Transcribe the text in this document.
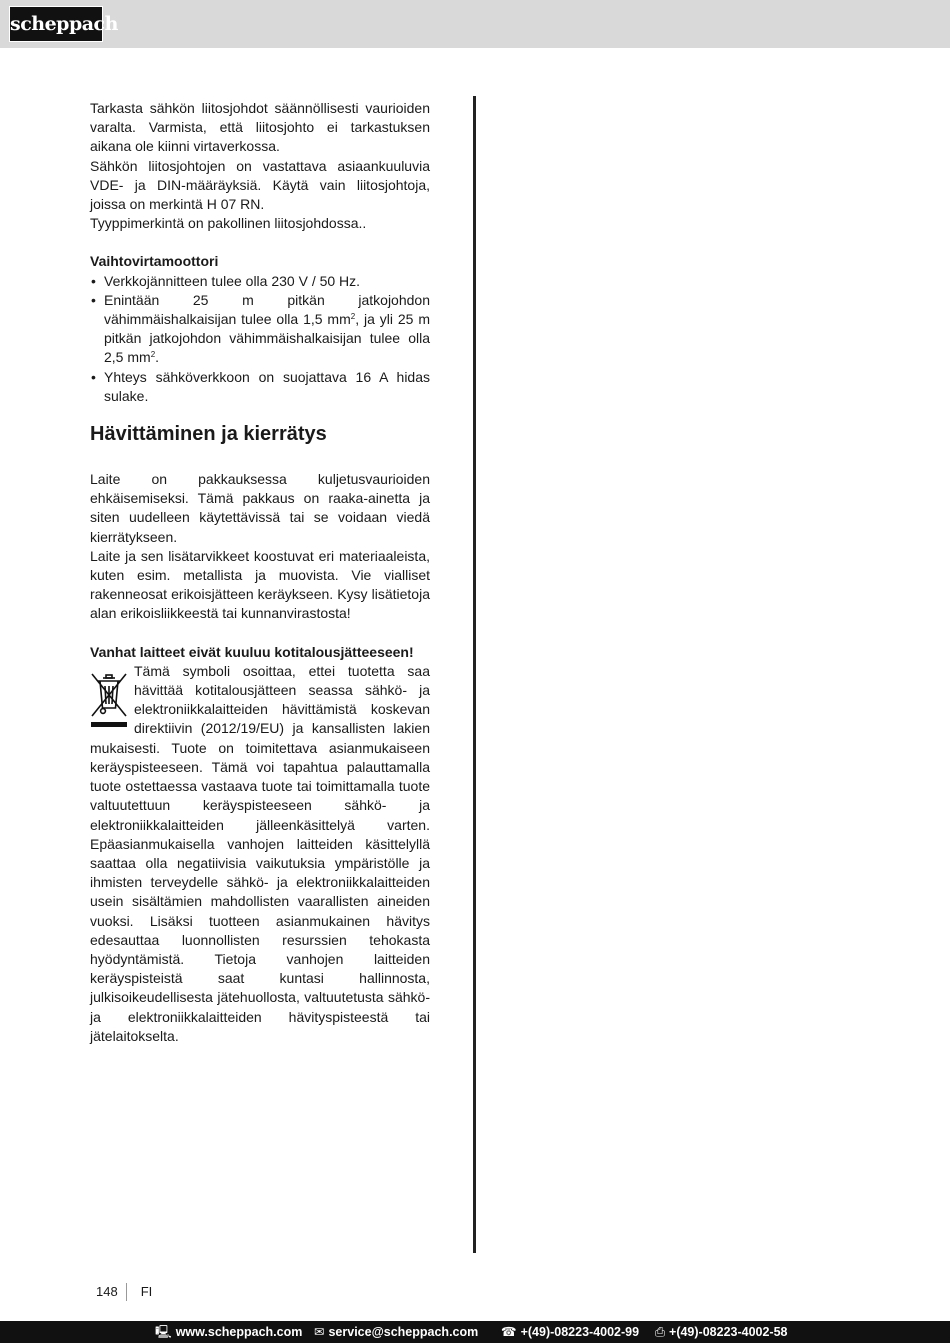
scheppach

Tarkasta sähkön liitosjohdot säännöllisesti vaurioiden varalta. Varmista, että liitosjohto ei tarkastuksen aikana ole kiinni virtaverkossa.

Sähkön liitosjohtojen on vastattava asiaankuuluvia VDE- ja DIN-määräyksiä. Käytä vain liitosjohtoja, joissa on merkintä H 07 RN.

Tyyppimerkintä on pakollinen liitosjohdossa..

Vaihtovirtamoottori

• Verkkojännitteen tulee olla 230 V / 50 Hz.
• Enintään 25 m pitkän jatkojohdon vähimmäishalkaisijan tulee olla 1,5 $mm^2$, ja yli 25 m pitkän jatkojohdon vähimmäishalkaisijan tulee olla 2,5 $mm^2$.
• Yhteys sähköverkkoon on suojattava 16 A hidas sulake.

Hävittäminen ja kierrätys

Laite on pakkauksessa kuljetusvaurioiden ehkäisemiseksi. Tämä pakkaus on raaka-ainetta ja siten uudelleen käytettävissä tai se voidaan viedä kierrätykseen.

Laite ja sen lisätarvikkeet koostuvat eri materiaaleista, kuten esim. metallista ja muovista. Vie vialliset rakenneosat erikoisjätteen keräykseen. Kysy lisätietoja alan erikoisliikkeestä tai kunnanvirastosta!

Vanhat laitteet eivät kuuluu kotitalousjätteeseen!

Tämä symboli osoittaa, ettei tuotetta saa hävittää kotitalousjätteen seassa sähkö- ja elektroniikkalaitteiden hävittämistä koskevan direktiivin (2012/19/EU) ja kansallisten lakien mukaisesti. Tuote on toimitettava asianmukaiseen keräyspisteeseen. Tämä voi tapahtua palauttamalla tuote ostettaessa vastaava tuote tai toimittamalla tuote valtuutettuun keräyspisteeseen sähkö- ja elektroniikkalaitteiden jälleenkäsittelyä varten. Epäasianmukaisella vanhojen laitteiden käsittelyllä saattaa olla negatiivisia vaikutuksia ympäristölle ja ihmisten terveydelle sähkö- ja elektroniikkalaitteiden usein sisältämien mahdollisten vaarallisten aineiden vuoksi. Lisäksi tuotteen asianmukainen hävitys edesauttaa luonnollisten resurssien tehokasta hyödyntämistä. Tietoja vanhojen laitteiden keräyspisteistä saat kuntasi hallinnosta, julkisoikeudellisesta jätehuollosta, valtuutetusta sähkö- ja elektroniikkalaitteiden hävityspisteestä tai jätelaitokselta.

148	FI
🖳 www.scheppach.com ✉ service@scheppach.com ☎ +(49)-08223-4002-99 ⎙ +(49)-08223-4002-58
